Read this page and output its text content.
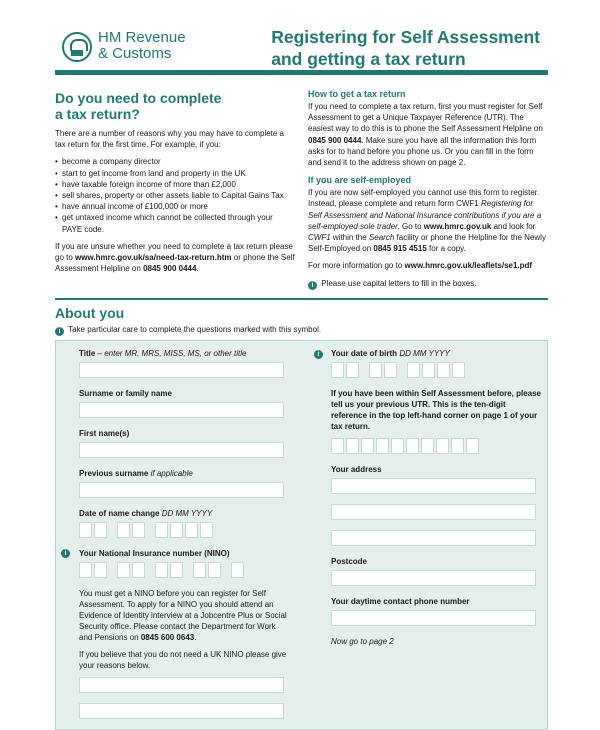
HM Revenue
& Customs
Registering for Self Assessment
and getting a tax return
Do you need to complete
a tax return?

There are a number of reasons why you may have to complete a tax return for the first time. For example, if you:

• become a company director
• start to get income from land and property in the UK
• have taxable foreign income of more than £2,000
• sell shares, property or other assets liable to Capital Gains Tax
• have annual income of £100,000 or more
• get untaxed income which cannot be collected through your PAYE code.

If you are unsure whether you need to complete a tax return please go to www.hmrc.gov.uk/sa/need-tax-return.htm or phone the Self Assessment Helpline on 0845 900 0444.

How to get a tax return

If you need to complete a tax return, first you must register for Self Assessment to get a Unique Taxpayer Reference (UTR). The easiest way to do this is to phone the Self Assessment Helpline on 0845 900 0444. Make sure you have all the information this form asks for to hand before you phone us. Or you can fill in the form and send it to the address shown on page 2.

If you are self-employed

If you are now self-employed you cannot use this form to register. Instead, please complete and return form CWF1 Registering for Self Assessment and National Insurance contributions if you are a self-employed sole trader. Go to www.hmrc.gov.uk and look for CWF1 within the Search facility or phone the Helpline for the Newly Self-Employed on 0845 915 4515 for a copy.

For more information go to www.hmrc.gov.uk/leaflets/se1.pdf

i Please use capital letters to fill in the boxes.

About you
i Take particular care to complete the questions marked with this symbol.
i
i
Title – enter MR, MRS, MISS, MS, or other title
Surname or family name
First name(s)
Previous surname if applicable
Date of name change DD MM YYYY
Your National Insurance number (NINO)

You must get a NINO before you can register for Self Assessment. To apply for a NINO you should attend an Evidence of Identity interview at a Jobcentre Plus or Social Security office. Please contact the Department for Work and Pensions on 0845 600 0643.

If you believe that you do not need a UK NINO please give your reasons below.

Your date of birth DD MM YYYY

If you have been within Self Assessment before, please tell us your previous UTR. This is the ten-digit reference in the top left-hand corner on page 1 of your tax return.

Your address
Postcode
Your daytime contact phone number

Now go to page 2
